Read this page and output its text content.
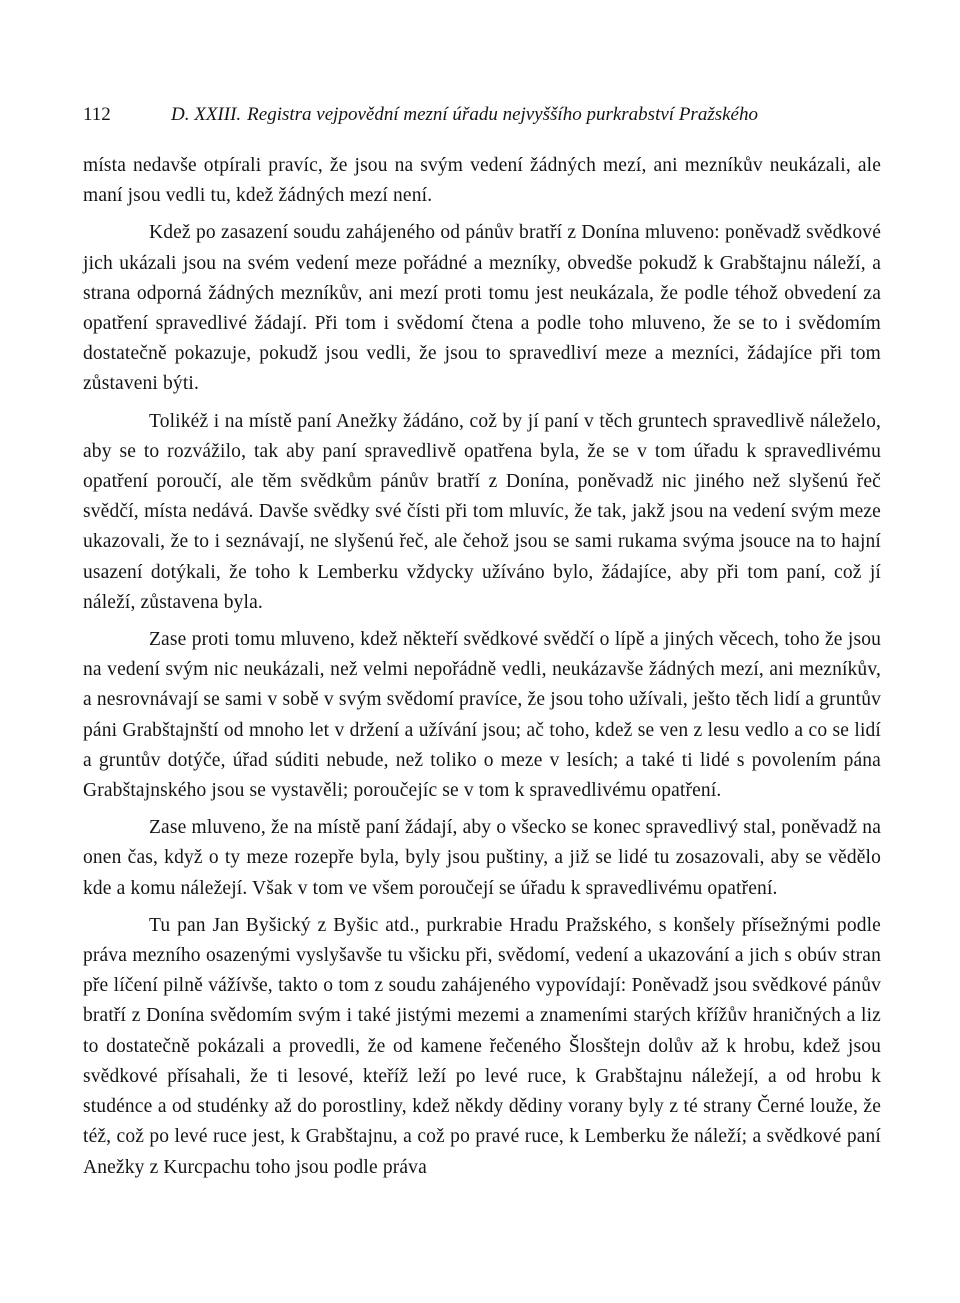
112	D. XXIII. Registra vejpovědní mezní úřadu nejvyššího purkrabství Pražského

místa nedavše otpírali pravíc, že jsou na svým vedení žádných mezí, ani mezníkův neukázali, ale maní jsou vedli tu, kdež žádných mezí není.

Kdež po zasazení soudu zahájeného od pánův bratří z Donína mluveno: poněvadž svědkové jich ukázali jsou na svém vedení meze pořádné a mezníky, obvedše pokudž k Grabštajnu náleží, a strana odporná žádných mezníkův, ani mezí proti tomu jest neukázala, že podle téhož obvedení za opatření spravedlivé žádají. Při tom i svědomí čtena a podle toho mluveno, že se to i svědomím dostatečně pokazuje, pokudž jsou vedli, že jsou to spravedliví meze a mezníci, žádajíce při tom zůstaveni býti.

Tolikéž i na místě paní Anežky žádáno, což by jí paní v těch gruntech spravedlivě náleželo, aby se to rozvážilo, tak aby paní spravedlivě opatřena byla, že se v tom úřadu k spravedlivému opatření poroučí, ale těm svědkům pánův bratří z Donína, poněvadž nic jiného než slyšenú řeč svědčí, místa nedává. Davše svědky své čísti při tom mluvíc, že tak, jakž jsou na vedení svým meze ukazovali, že to i seznávají, ne slyšenú řeč, ale čehož jsou se sami rukama svýma jsouce na to hajní usazení dotýkali, že toho k Lemberku vždycky užíváno bylo, žádajíce, aby při tom paní, což jí náleží, zůstavena byla.

Zase proti tomu mluveno, kdež někteří svědkové svědčí o lípě a jiných věcech, toho že jsou na vedení svým nic neukázali, než velmi nepořádně vedli, neukázavše žádných mezí, ani mezníkův, a nesrovnávají se sami v sobě v svým svědomí pravíce, že jsou toho užívali, ješto těch lidí a gruntův páni Grabštajnští od mnoho let v držení a užívání jsou; ač toho, kdež se ven z lesu vedlo a co se lidí a gruntův dotýče, úřad súditi nebude, než toliko o meze v lesích; a také ti lidé s povolením pána Grabštajnského jsou se vystavěli; poroučejíc se v tom k spravedlivému opatření.

Zase mluveno, že na místě paní žádají, aby o všecko se konec spravedlivý stal, poněvadž na onen čas, když o ty meze rozepře byla, byly jsou puštiny, a již se lidé tu zosazovali, aby se vědělo kde a komu náležejí. Však v tom ve všem poroučejí se úřadu k spravedlivému opatření.

Tu pan Jan Byšický z Byšic atd., purkrabie Hradu Pražského, s konšely přísežnými podle práva mezního osazenými vyslyšavše tu všicku při, svědomí, vedení a ukazování a jich s obúv stran pře líčení pilně vážívše, takto o tom z soudu zahájeného vypovídají: Poněvadž jsou svědkové pánův bratří z Donína svědomím svým i také jistými mezemi a znameními starých křížův hraničných a liz to dostatečně pokázali a provedli, že od kamene řečeného Šlosštejn dolův až k hrobu, kdež jsou svědkové přísahali, že ti lesové, kteříž leží po levé ruce, k Grabštajnu náležejí, a od hrobu k studénce a od studénky až do porostliny, kdež někdy dědiny vorany byly z té strany Černé louže, že též, což po levé ruce jest, k Grabštajnu, a což po pravé ruce, k Lemberku že náleží; a svědkové paní Anežky z Kurcpachu toho jsou podle práva
